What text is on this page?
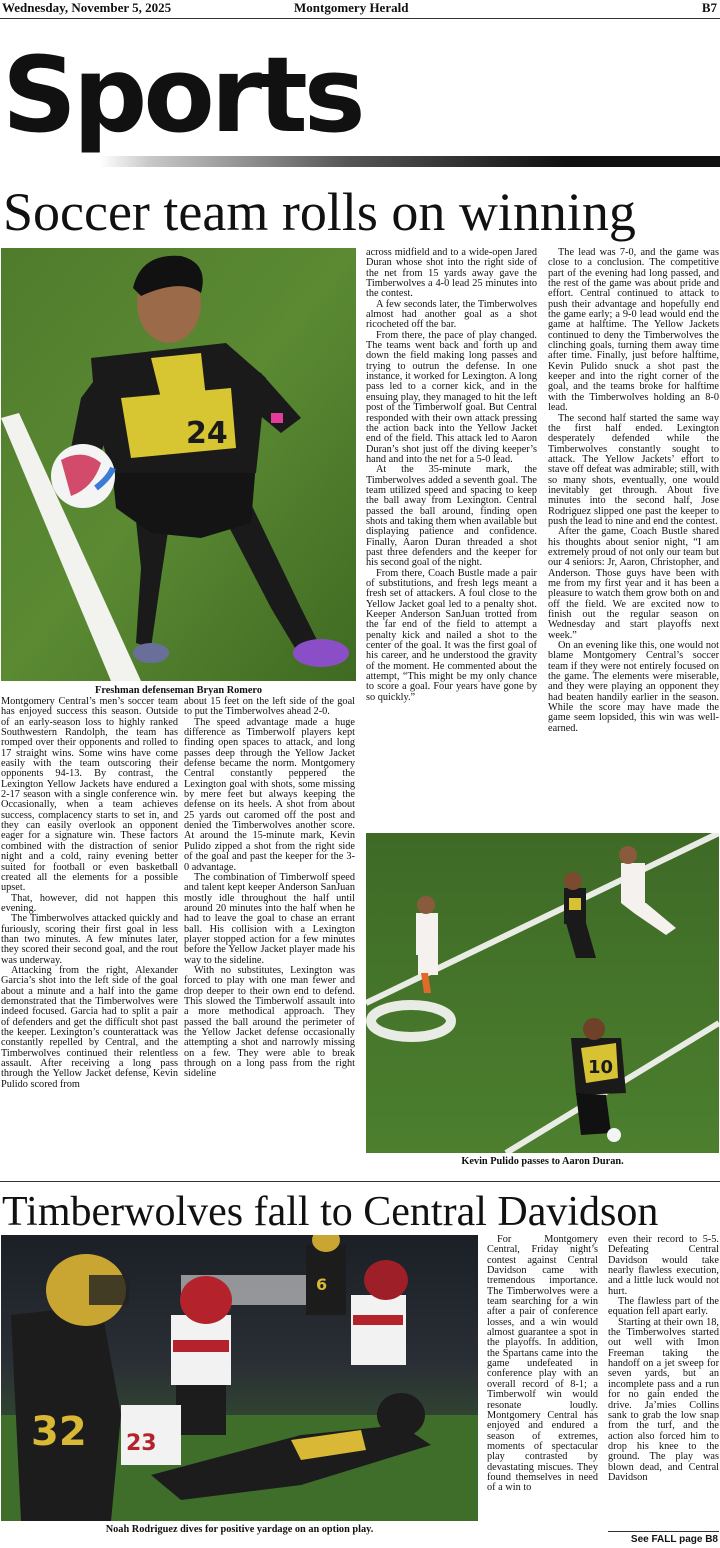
Wednesday, November 5, 2025	Montgomery Herald	B7
Sports
Soccer team rolls on winning
24
Freshman defenseman Bryan Romero

Montgomery Central’s men’s soccer team has enjoyed success this season. Outside of an early-season loss to highly ranked Southwestern Randolph, the team has romped over their opponents and rolled to 17 straight wins. Some wins have come easily with the team outscoring their opponents 94-13. By contrast, the Lexington Yellow Jackets have endured a 2-17 season with a single conference win. Occasionally, when a team achieves success, complacency starts to set in, and they can easily overlook an opponent eager for a signature win. These factors combined with the distraction of senior night and a cold, rainy evening better suited for football or even basketball created all the elements for a possible upset.

That, however, did not happen this evening.

The Timberwolves attacked quickly and furiously, scoring their first goal in less than two minutes. A few minutes later, they scored their second goal, and the rout was underway.

Attacking from the right, Alexander Garcia’s shot into the left side of the goal about a minute and a half into the game demonstrated that the Timberwolves were indeed focused. Garcia had to split a pair of defenders and get the difficult shot past the keeper. Lexington’s counterattack was constantly repelled by Central, and the Timberwolves continued their relentless assault. After receiving a long pass through the Yellow Jacket defense, Kevin Pulido scored from

about 15 feet on the left side of the goal to put the Timberwolves ahead 2-0.

The speed advantage made a huge difference as Timberwolf players kept finding open spaces to attack, and long passes deep through the Yellow Jacket defense became the norm. Montgomery Central constantly peppered the Lexington goal with shots, some missing by mere feet but always keeping the defense on its heels. A shot from about 25 yards out caromed off the post and denied the Timberwolves another score. At around the 15-minute mark, Kevin Pulido zipped a shot from the right side of the goal and past the keeper for the 3-0 advantage.

The combination of Timberwolf speed and talent kept keeper Anderson SanJuan mostly idle throughout the half until around 20 minutes into the half when he had to leave the goal to chase an errant ball. His collision with a Lexington player stopped action for a few minutes before the Yellow Jacket player made his way to the sideline.

With no substitutes, Lexington was forced to play with one man fewer and drop deeper to their own end to defend. This slowed the Timberwolf assault into a more methodical approach. They passed the ball around the perimeter of the Yellow Jacket defense occasionally attempting a shot and narrowly missing on a few. They were able to break through on a long pass from the right sideline

across midfield and to a wide-open Jared Duran whose shot into the right side of the net from 15 yards away gave the Timberwolves a 4-0 lead 25 minutes into the contest.

A few seconds later, the Timberwolves almost had another goal as a shot ricocheted off the bar.

From there, the pace of play changed. The teams went back and forth up and down the field making long passes and trying to outrun the defense. In one instance, it worked for Lexington. A long pass led to a corner kick, and in the ensuing play, they managed to hit the left post of the Timberwolf goal. But Central responded with their own attack pressing the action back into the Yellow Jacket end of the field. This attack led to Aaron Duran’s shot just off the diving keeper’s hand and into the net for a 5-0 lead.

At the 35-minute mark, the Timberwolves added a seventh goal. The team utilized speed and spacing to keep the ball away from Lexington. Central passed the ball around, finding open shots and taking them when available but displaying patience and confidence. Finally, Aaron Duran threaded a shot past three defenders and the keeper for his second goal of the night.

From there, Coach Bustle made a pair of substitutions, and fresh legs meant a fresh set of attackers. A foul close to the Yellow Jacket goal led to a penalty shot. Keeper Anderson SanJuan trotted from the far end of the field to attempt a penalty kick and nailed a shot to the center of the goal. It was the first goal of his career, and he understood the gravity of the moment. He commented about the attempt, “This might be my only chance to score a goal. Four years have gone by so quickly.”

The lead was 7-0, and the game was close to a conclusion. The competitive part of the evening had long passed, and the rest of the game was about pride and effort. Central continued to attack to push their advantage and hopefully end the game early; a 9-0 lead would end the game at halftime. The Yellow Jackets continued to deny the Timberwolves the clinching goals, turning them away time after time. Finally, just before halftime, Kevin Pulido snuck a shot past the keeper and into the right corner of the goal, and the teams broke for halftime with the Timberwolves holding an 8-0 lead.

The second half started the same way the first half ended. Lexington desperately defended while the Timberwolves constantly sought to attack. The Yellow Jackets’ effort to stave off defeat was admirable; still, with so many shots, eventually, one would inevitably get through. About five minutes into the second half, Jose Rodriguez slipped one past the keeper to push the lead to nine and end the contest.

After the game, Coach Bustle shared his thoughts about senior night, “I am extremely proud of not only our team but our 4 seniors: Jr, Aaron, Christopher, and Anderson. Those guys have been with me from my first year and it has been a pleasure to watch them grow both on and off the field. We are excited now to finish out the regular season on Wednesday and start playoffs next week.”

On an evening like this, one would not blame Montgomery Central’s soccer team if they were not entirely focused on the game. The elements were miserable, and they were playing an opponent they had beaten handily earlier in the season. While the score may have made the game seem lopsided, this win was well-earned.

10
Kevin Pulido passes to Aaron Duran.
Timberwolves fall to Central Davidson
32
6
23
Noah Rodriguez dives for positive yardage on an option play.

For Montgomery Central, Friday night’s contest against Central Davidson came with tremendous importance. The Timberwolves were a team searching for a win after a pair of conference losses, and a win would almost guarantee a spot in the playoffs. In addition, the Spartans came into the game undefeated in conference play with an overall record of 8-1; a Timberwolf win would resonate loudly. Montgomery Central has enjoyed and endured a season of extremes, moments of spectacular play contrasted by devastating miscues. They found themselves in need of a win to

even their record to 5-5. Defeating Central Davidson would take nearly flawless execution, and a little luck would not hurt.

The flawless part of the equation fell apart early.

Starting at their own 18, the Timberwolves started out well with Imon Freeman taking the handoff on a jet sweep for seven yards, but an incomplete pass and a run for no gain ended the drive. Ja’mies Collins sank to grab the low snap from the turf, and the action also forced him to drop his knee to the ground. The play was blown dead, and Central Davidson

See FALL page B8
